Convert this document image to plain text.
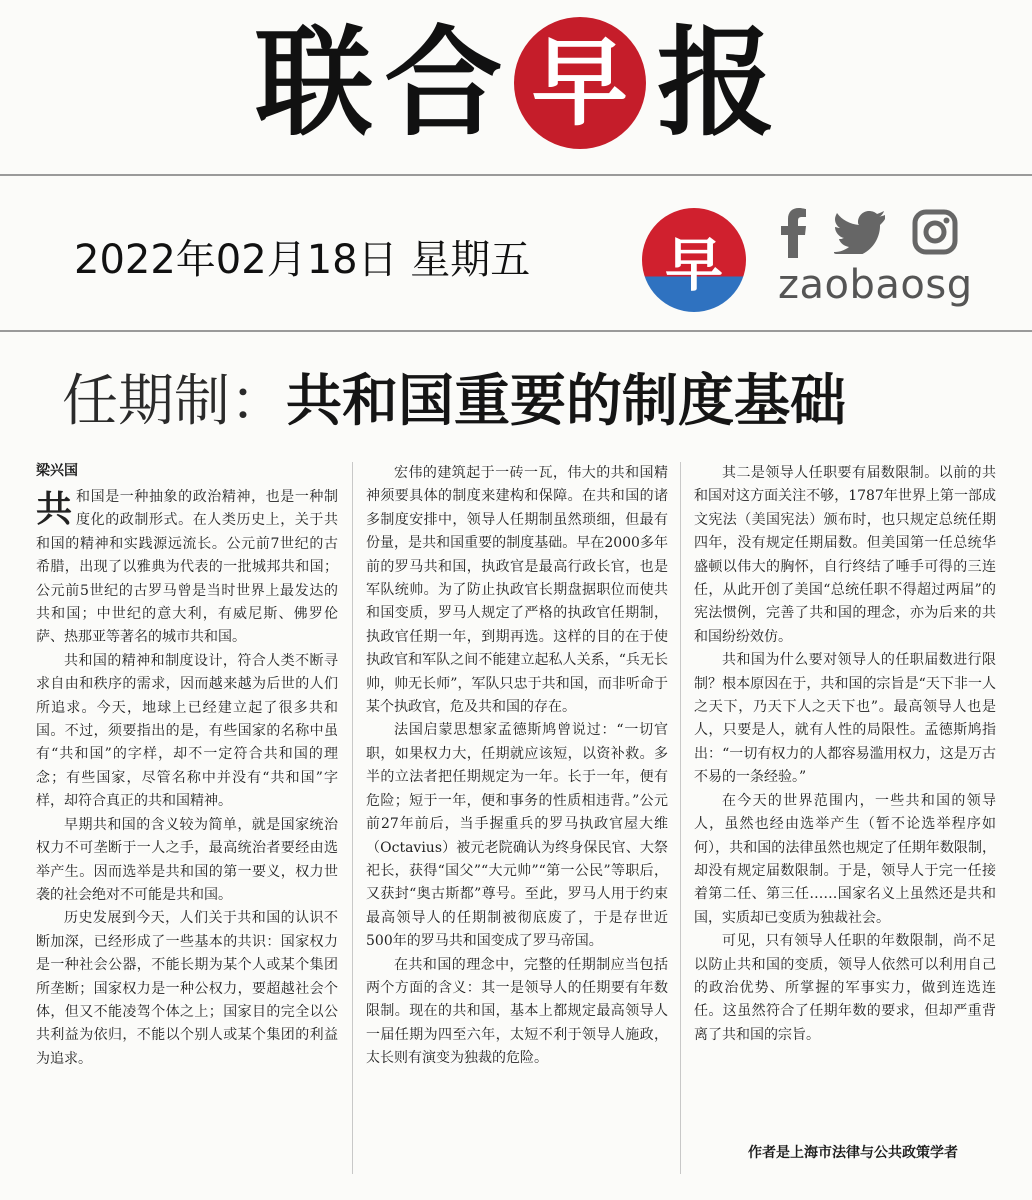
联 合 早 报
2022年02月18日 星期五 早 zaobaosg
任期制：共和国重要的制度基础
梁兴国

共和国是一种抽象的政治精神，也是一种制度化的政制形式。在人类历史上，关于共和国的精神和实践源远流长。公元前7世纪的古希腊，出现了以雅典为代表的一批城邦共和国；公元前5世纪的古罗马曾是当时世界上最发达的共和国；中世纪的意大利，有威尼斯、佛罗伦萨、热那亚等著名的城市共和国。

共和国的精神和制度设计，符合人类不断寻求自由和秩序的需求，因而越来越为后世的人们所追求。今天，地球上已经建立起了很多共和国。不过，须要指出的是，有些国家的名称中虽有“共和国”的字样，却不一定符合共和国的理念；有些国家，尽管名称中并没有“共和国”字样，却符合真正的共和国精神。

早期共和国的含义较为简单，就是国家统治权力不可垄断于一人之手，最高统治者要经由选举产生。因而选举是共和国的第一要义，权力世袭的社会绝对不可能是共和国。

历史发展到今天，人们关于共和国的认识不断加深，已经形成了一些基本的共识：国家权力是一种社会公器，不能长期为某个人或某个集团所垄断；国家权力是一种公权力，要超越社会个体，但又不能凌驾个体之上；国家目的完全以公共利益为依归，不能以个别人或某个集团的利益为追求。

宏伟的建筑起于一砖一瓦，伟大的共和国精神须要具体的制度来建构和保障。在共和国的诸多制度安排中，领导人任期制虽然琐细，但最有份量，是共和国重要的制度基础。早在2000多年前的罗马共和国，执政官是最高行政长官，也是军队统帅。为了防止执政官长期盘据职位而使共和国变质，罗马人规定了严格的执政官任期制，执政官任期一年，到期再选。这样的目的在于使执政官和军队之间不能建立起私人关系，“兵无长帅，帅无长师”，军队只忠于共和国，而非听命于某个执政官，危及共和国的存在。

法国启蒙思想家孟德斯鸠曾说过：“一切官职，如果权力大，任期就应该短，以资补救。多半的立法者把任期规定为一年。长于一年，便有危险；短于一年，便和事务的性质相违背。”公元前27年前后，当手握重兵的罗马执政官屋大维（Octavius）被元老院确认为终身保民官、大祭祀长，获得“国父”“大元帅”“第一公民”等职后，又获封“奥古斯都”尊号。至此，罗马人用于约束最高领导人的任期制被彻底废了，于是存世近500年的罗马共和国变成了罗马帝国。

在共和国的理念中，完整的任期制应当包括两个方面的含义：其一是领导人的任期要有年数限制。现在的共和国，基本上都规定最高领导人一届任期为四至六年，太短不利于领导人施政，太长则有演变为独裁的危险。

其二是领导人任职要有届数限制。以前的共和国对这方面关注不够，1787年世界上第一部成文宪法（美国宪法）颁布时，也只规定总统任期四年，没有规定任期届数。但美国第一任总统华盛顿以伟大的胸怀，自行终结了唾手可得的三连任，从此开创了美国“总统任职不得超过两届”的宪法惯例，完善了共和国的理念，亦为后来的共和国纷纷效仿。

共和国为什么要对领导人的任职届数进行限制？根本原因在于，共和国的宗旨是“天下非一人之天下，乃天下人之天下也”。最高领导人也是人，只要是人，就有人性的局限性。孟德斯鸠指出：“一切有权力的人都容易滥用权力，这是万古不易的一条经验。”

在今天的世界范围内，一些共和国的领导人，虽然也经由选举产生（暂不论选举程序如何），共和国的法律虽然也规定了任期年数限制，却没有规定届数限制。于是，领导人于完一任接着第二任、第三任……国家名义上虽然还是共和国，实质却已变质为独裁社会。

可见，只有领导人任职的年数限制，尚不足以防止共和国的变质，领导人依然可以利用自己的政治优势、所掌握的军事实力，做到连选连任。这虽然符合了任期年数的要求，但却严重背离了共和国的宗旨。

作者是上海市法律与公共政策学者
